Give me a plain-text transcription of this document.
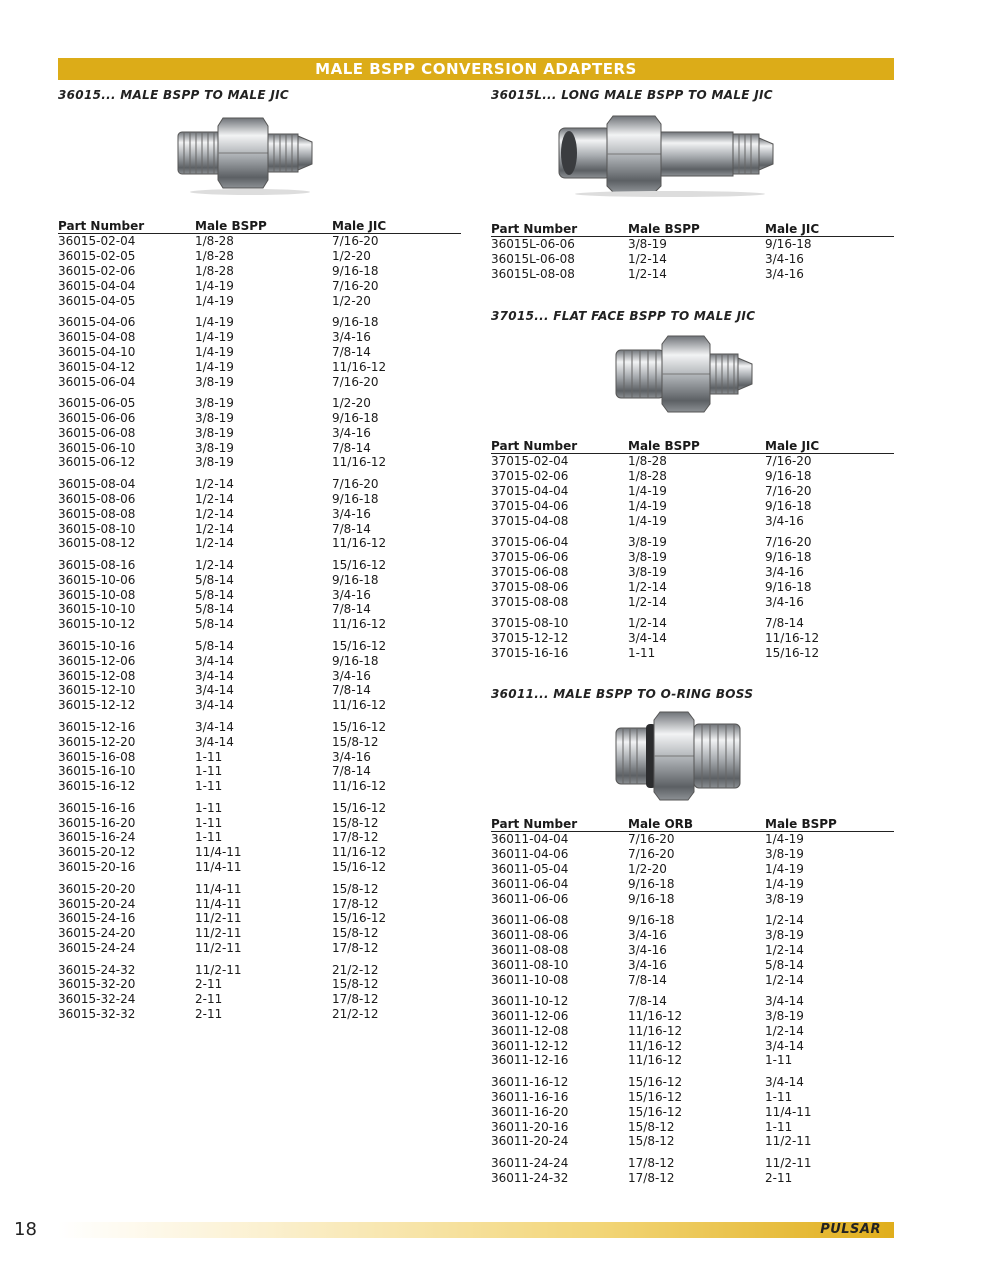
MALE BSPP CONVERSION ADAPTERS
36015... MALE BSPP TO MALE JIC
Part Number	Male BSPP	Male JIC
36015-02-04	1/8-28	7/16-20
36015-02-05	1/8-28	1/2-20
36015-02-06	1/8-28	9/16-18
36015-04-04	1/4-19	7/16-20
36015-04-05	1/4-19	1/2-20
36015-04-06	1/4-19	9/16-18
36015-04-08	1/4-19	3/4-16
36015-04-10	1/4-19	7/8-14
36015-04-12	1/4-19	11/16-12
36015-06-04	3/8-19	7/16-20
36015-06-05	3/8-19	1/2-20
36015-06-06	3/8-19	9/16-18
36015-06-08	3/8-19	3/4-16
36015-06-10	3/8-19	7/8-14
36015-06-12	3/8-19	11/16-12
36015-08-04	1/2-14	7/16-20
36015-08-06	1/2-14	9/16-18
36015-08-08	1/2-14	3/4-16
36015-08-10	1/2-14	7/8-14
36015-08-12	1/2-14	11/16-12
36015-08-16	1/2-14	15/16-12
36015-10-06	5/8-14	9/16-18
36015-10-08	5/8-14	3/4-16
36015-10-10	5/8-14	7/8-14
36015-10-12	5/8-14	11/16-12
36015-10-16	5/8-14	15/16-12
36015-12-06	3/4-14	9/16-18
36015-12-08	3/4-14	3/4-16
36015-12-10	3/4-14	7/8-14
36015-12-12	3/4-14	11/16-12
36015-12-16	3/4-14	15/16-12
36015-12-20	3/4-14	15/8-12
36015-16-08	1-11	3/4-16
36015-16-10	1-11	7/8-14
36015-16-12	1-11	11/16-12
36015-16-16	1-11	15/16-12
36015-16-20	1-11	15/8-12
36015-16-24	1-11	17/8-12
36015-20-12	11/4-11	11/16-12
36015-20-16	11/4-11	15/16-12
36015-20-20	11/4-11	15/8-12
36015-20-24	11/4-11	17/8-12
36015-24-16	11/2-11	15/16-12
36015-24-20	11/2-11	15/8-12
36015-24-24	11/2-11	17/8-12
36015-24-32	11/2-11	21/2-12
36015-32-20	2-11	15/8-12
36015-32-24	2-11	17/8-12
36015-32-32	2-11	21/2-12
36015L... LONG MALE BSPP TO MALE JIC
Part Number	Male BSPP	Male JIC
36015L-06-06	3/8-19	9/16-18
36015L-06-08	1/2-14	3/4-16
36015L-08-08	1/2-14	3/4-16
37015... FLAT FACE BSPP TO MALE JIC
Part Number	Male BSPP	Male JIC
37015-02-04	1/8-28	7/16-20
37015-02-06	1/8-28	9/16-18
37015-04-04	1/4-19	7/16-20
37015-04-06	1/4-19	9/16-18
37015-04-08	1/4-19	3/4-16
37015-06-04	3/8-19	7/16-20
37015-06-06	3/8-19	9/16-18
37015-06-08	3/8-19	3/4-16
37015-08-06	1/2-14	9/16-18
37015-08-08	1/2-14	3/4-16
37015-08-10	1/2-14	7/8-14
37015-12-12	3/4-14	11/16-12
37015-16-16	1-11	15/16-12
36011... MALE BSPP TO O-RING BOSS
Part Number	Male ORB	Male BSPP
36011-04-04	7/16-20	1/4-19
36011-04-06	7/16-20	3/8-19
36011-05-04	1/2-20	1/4-19
36011-06-04	9/16-18	1/4-19
36011-06-06	9/16-18	3/8-19
36011-06-08	9/16-18	1/2-14
36011-08-06	3/4-16	3/8-19
36011-08-08	3/4-16	1/2-14
36011-08-10	3/4-16	5/8-14
36011-10-08	7/8-14	1/2-14
36011-10-12	7/8-14	3/4-14
36011-12-06	11/16-12	3/8-19
36011-12-08	11/16-12	1/2-14
36011-12-12	11/16-12	3/4-14
36011-12-16	11/16-12	1-11
36011-16-12	15/16-12	3/4-14
36011-16-16	15/16-12	1-11
36011-16-20	15/16-12	11/4-11
36011-20-16	15/8-12	1-11
36011-20-24	15/8-12	11/2-11
36011-24-24	17/8-12	11/2-11
36011-24-32	17/8-12	2-11
18	PULSAR
